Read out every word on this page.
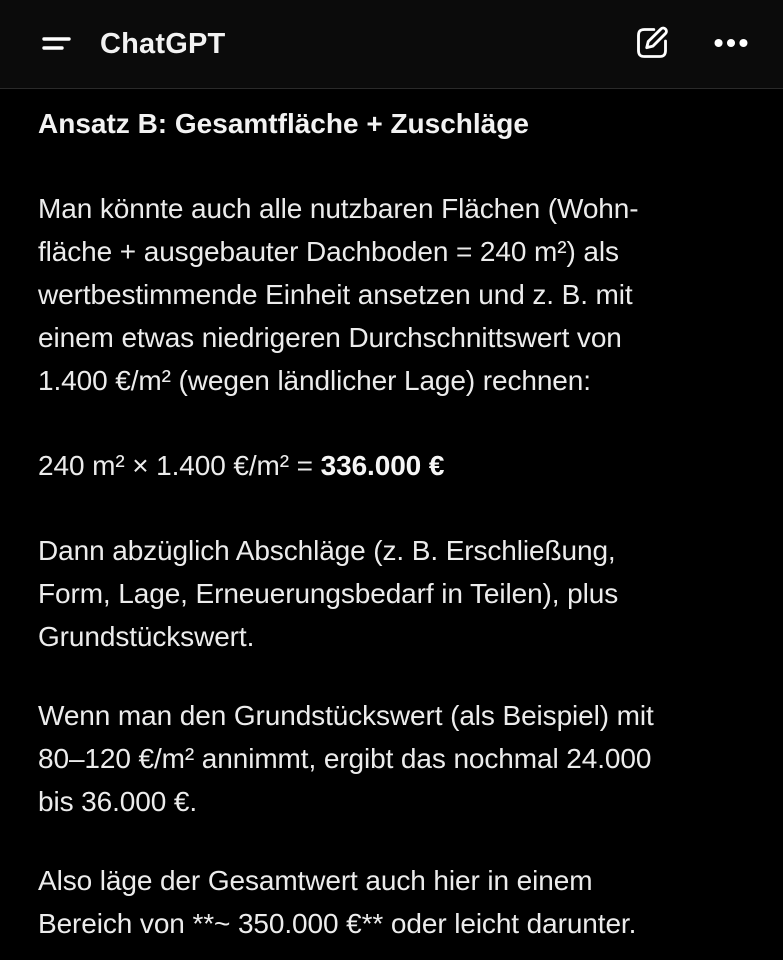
ChatGPT
Ansatz B: Gesamtfläche + Zuschläge
Man könnte auch alle nutzbaren Flächen (Wohn-
fläche + ausgebauter Dachboden = 240 m²) als
wertbestimmende Einheit ansetzen und z. B. mit
einem etwas niedrigeren Durchschnittswert von
1.400 €/m² (wegen ländlicher Lage) rechnen:
240 m² × 1.400 €/m² = 336.000 €
Dann abzüglich Abschläge (z. B. Erschließung,
Form, Lage, Erneuerungsbedarf in Teilen), plus
Grundstückswert.
Wenn man den Grundstückswert (als Beispiel) mit
80–120 €/m² annimmt, ergibt das nochmal 24.000
bis 36.000 €.
Also läge der Gesamtwert auch hier in einem
Bereich von **~ 350.000 €** oder leicht darunter.
